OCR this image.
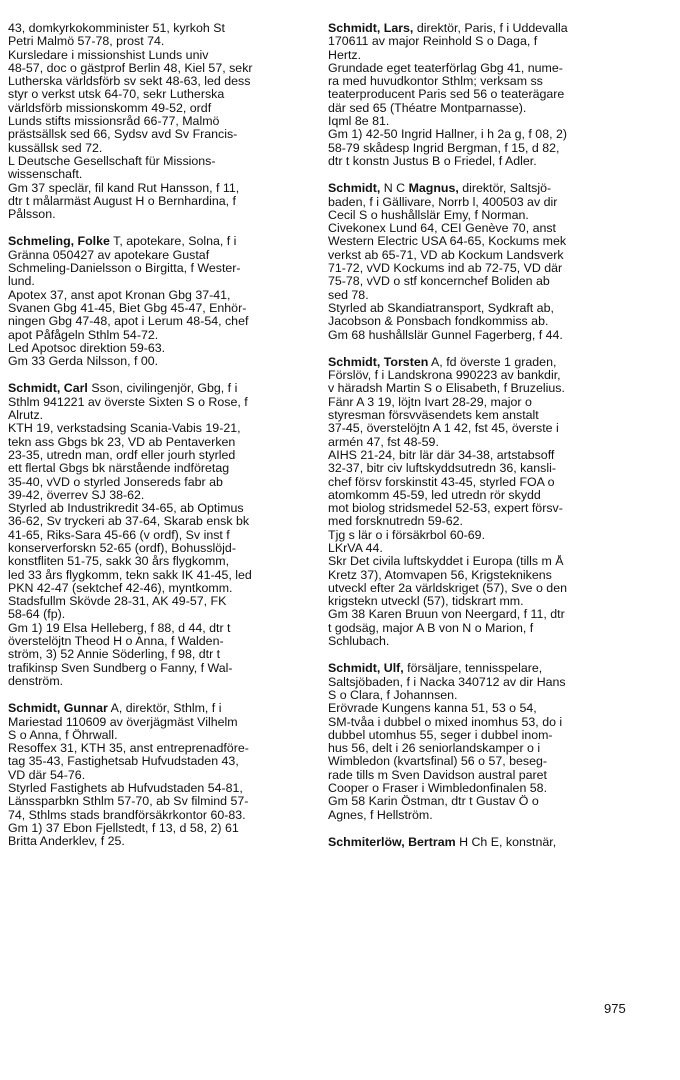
43, domkyrkokomminister 51, kyrkoh St
Petri Malmö 57-78, prost 74.
Kursledare i missionshist Lunds univ
48-57, doc o gästprof Berlin 48, Kiel 57, sekr
Lutherska världsförb sv sekt 48-63, led dess
styr o verkst utsk 64-70, sekr Lutherska
världsförb missionskomm 49-52, ordf
Lunds stifts missionsråd 66-77, Malmö
prästsällsk sed 66, Sydsv avd Sv Francis-
kussällsk sed 72.
L Deutsche Gesellschaft für Missions-
wissenschaft.
Gm 37 speclär, fil kand Rut Hansson, f 11,
dtr t målarmäst August H o Bernhardina, f
Pålsson.
Schmeling, Folke T, apotekare, Solna, f i
Gränna 050427 av apotekare Gustaf
Schmeling-Danielsson o Birgitta, f Wester-
lund.
Apotex 37, anst apot Kronan Gbg 37-41,
Svanen Gbg 41-45, Biet Gbg 45-47, Enhör-
ningen Gbg 47-48, apot i Lerum 48-54, chef
apot Påfågeln Sthlm 54-72.
Led Apotsoc direktion 59-63.
Gm 33 Gerda Nilsson, f 00.
Schmidt, Carl Sson, civilingenjör, Gbg, f i
Sthlm 941221 av överste Sixten S o Rose, f
Alrutz.
KTH 19, verkstadsing Scania-Vabis 19-21,
tekn ass Gbgs bk 23, VD ab Pentaverken
23-35, utredn man, ordf eller jourh styrled
ett flertal Gbgs bk närstående indföretag
35-40, vVD o styrled Jonsereds fabr ab
39-42, överrev SJ 38-62.
Styrled ab Industrikredit 34-65, ab Optimus
36-62, Sv tryckeri ab 37-64, Skarab ensk bk
41-65, Riks-Sara 45-66 (v ordf), Sv inst f
konserverforskn 52-65 (ordf), Bohusslöjd-
konstfliten 51-75, sakk 30 års flygkomm,
led 33 års flygkomm, tekn sakk IK 41-45, led
PKN 42-47 (sektchef 42-46), myntkomm.
Stadsfullm Skövde 28-31, AK 49-57, FK
58-64 (fp).
Gm 1) 19 Elsa Helleberg, f 88, d 44, dtr t
överstelöjtn Theod H o Anna, f Walden-
ström, 3) 52 Annie Söderling, f 98, dtr t
trafikinsp Sven Sundberg o Fanny, f Wal-
denström.
Schmidt, Gunnar A, direktör, Sthlm, f i
Mariestad 110609 av överjägmäst Vilhelm
S o Anna, f Öhrwall.
Resoffex 31, KTH 35, anst entreprenadföre-
tag 35-43, Fastighetsab Hufvudstaden 43,
VD där 54-76.
Styrled Fastighets ab Hufvudstaden 54-81,
Länssparbkn Sthlm 57-70, ab Sv filmind 57-
74, Sthlms stads brandförsäkrkontor 60-83.
Gm 1) 37 Ebon Fjellstedt, f 13, d 58, 2) 61
Britta Anderklev, f 25.
Schmidt, Lars, direktör, Paris, f i Uddevalla
170611 av major Reinhold S o Daga, f
Hertz.
Grundade eget teaterförlag Gbg 41, nume-
ra med huvudkontor Sthlm; verksam ss
teaterproducent Paris sed 56 o teaterägare
där sed 65 (Théatre Montparnasse).
Iqml 8e 81.
Gm 1) 42-50 Ingrid Hallner, i h 2a g, f 08, 2)
58-79 skådesp Ingrid Bergman, f 15, d 82,
dtr t konstn Justus B o Friedel, f Adler.
Schmidt, N C Magnus, direktör, Saltsjö-
baden, f i Gällivare, Norrb l, 400503 av dir
Cecil S o hushållslär Emy, f Norman.
Civekonex Lund 64, CEI Genève 70, anst
Western Electric USA 64-65, Kockums mek
verkst ab 65-71, VD ab Kockum Landsverk
71-72, vVD Kockums ind ab 72-75, VD där
75-78, vVD o stf koncernchef Boliden ab
sed 78.
Styrled ab Skandiatransport, Sydkraft ab,
Jacobson & Ponsbach fondkommiss ab.
Gm 68 hushållslär Gunnel Fagerberg, f 44.
Schmidt, Torsten A, fd överste 1 graden,
Förslöv, f i Landskrona 990223 av bankdir,
v häradsh Martin S o Elisabeth, f Bruzelius.
Fänr A 3 19, löjtn Ivart 28-29, major o
styresman försvväsendets kem anstalt
37-45, överstelöjtn A 1 42, fst 45, överste i
armén 47, fst 48-59.
AIHS 21-24, bitr lär där 34-38, artstabsoff
32-37, bitr civ luftskyddsutredn 36, kansli-
chef försv forskinstit 43-45, styrled FOA o
atomkomm 45-59, led utredn rör skydd
mot biolog stridsmedel 52-53, expert försv-
med forsknutredn 59-62.
Tjg s lär o i försäkrbol 60-69.
LKrVA 44.
Skr Det civila luftskyddet i Europa (tills m Å
Kretz 37), Atomvapen 56, Krigsteknikens
utveckl efter 2a världskriget (57), Sve o den
krigstekn utveckl (57), tidskrart mm.
Gm 38 Karen Bruun von Neergard, f 11, dtr
t godsäg, major A B von N o Marion, f
Schlubach.
Schmidt, Ulf, försäljare, tennisspelare,
Saltsjöbaden, f i Nacka 340712 av dir Hans
S o Clara, f Johannsen.
Erövrade Kungens kanna 51, 53 o 54,
SM-tvåa i dubbel o mixed inomhus 53, do i
dubbel utomhus 55, seger i dubbel inom-
hus 56, delt i 26 seniorlandskamper o i
Wimbledon (kvartsfinal) 56 o 57, beseg-
rade tills m Sven Davidson austral paret
Cooper o Fraser i Wimbledonfinalen 58.
Gm 58 Karin Östman, dtr t Gustav Ö o
Agnes, f Hellström.
Schmiterlöw, Bertram H Ch E, konstnär,
975
